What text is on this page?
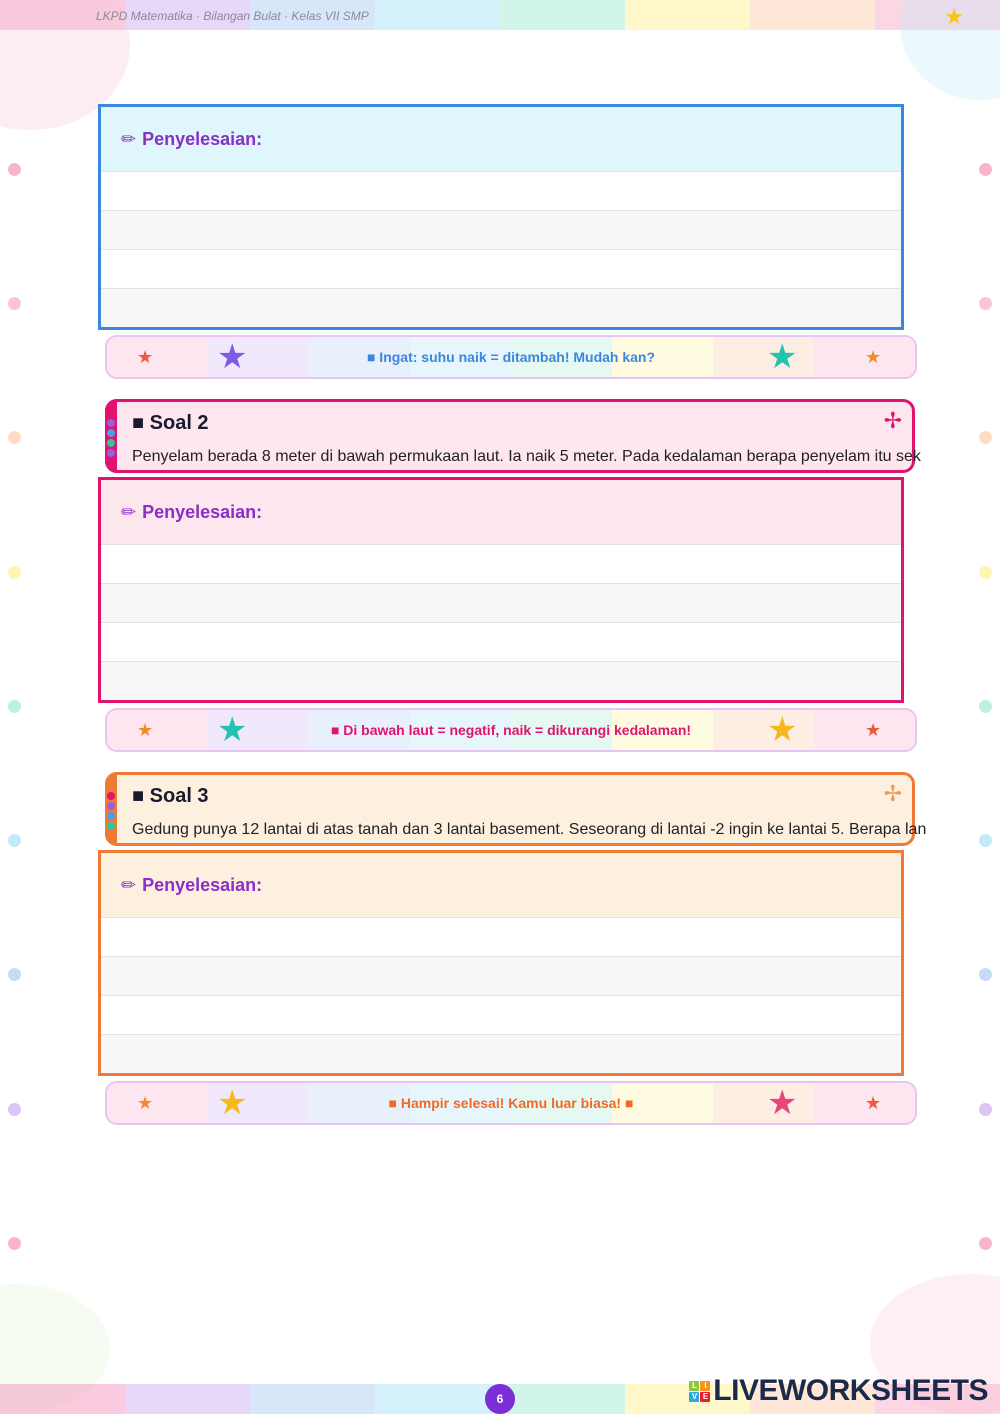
LKPD Matematika · Bilangan Bulat · Kelas VII SMP	★
✏ Penyelesaian:
★ ★	★	★
■ Ingat: suhu naik = ditambah! Mudah kan?
■ Soal 2	✢
Penyelam berada 8 meter di bawah permukaan laut. Ia naik 5 meter. Pada kedalaman berapa penyelam itu sek
✏ Penyelesaian:
★ ★	★	★
■ Di bawah laut = negatif, naik = dikurangi kedalaman!
■ Soal 3	✢
Gedung punya 12 lantai di atas tanah dan 3 lantai basement. Seseorang di lantai -2 ingin ke lantai 5. Berapa lan
✏ Penyelesaian:
★ ★	★	★
■ Hampir selesai! Kamu luar biasa! ■
6
L I
V E LIVEWORKSHEETS
